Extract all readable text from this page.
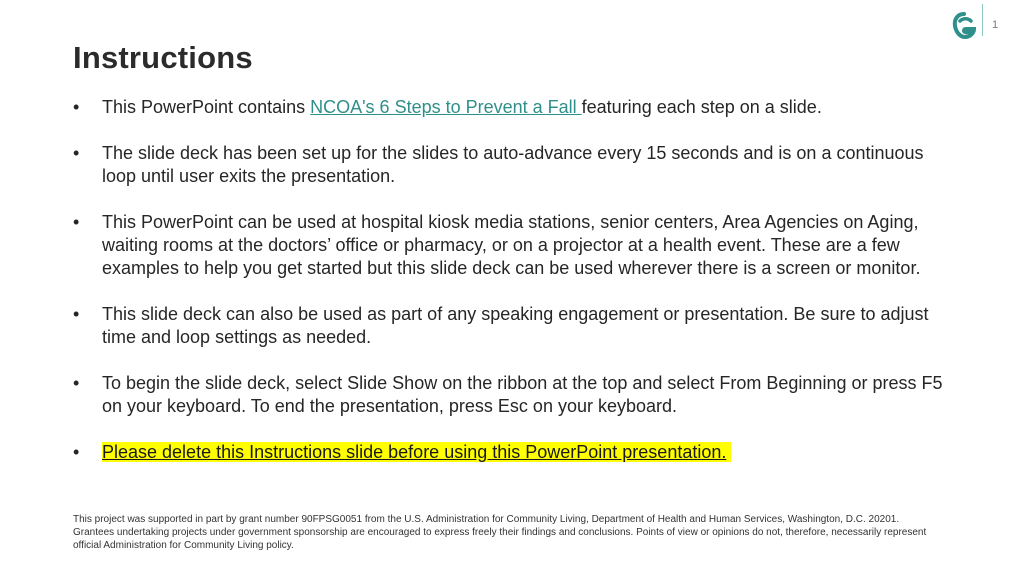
1
Instructions
• This PowerPoint contains NCOA's 6 Steps to Prevent a Fall featuring each step on a slide.
• The slide deck has been set up for the slides to auto-advance every 15 seconds and is on a continuous loop until user exits the presentation.
• This PowerPoint can be used at hospital kiosk media stations, senior centers, Area Agencies on Aging, waiting rooms at the doctors’ office or pharmacy, or on a projector at a health event. These are a few examples to help you get started but this slide deck can be used wherever there is a screen or monitor.
• This slide deck can also be used as part of any speaking engagement or presentation. Be sure to adjust time and loop settings as needed.
• To begin the slide deck, select Slide Show on the ribbon at the top and select From Beginning or press F5 on your keyboard. To end the presentation, press Esc on your keyboard.
• Please delete this Instructions slide before using this PowerPoint presentation.

This project was supported in part by grant number 90FPSG0051 from the U.S. Administration for Community Living, Department of Health and Human Services, Washington, D.C. 20201. Grantees undertaking projects under government sponsorship are encouraged to express freely their findings and conclusions. Points of view or opinions do not, therefore, necessarily represent official Administration for Community Living policy.
